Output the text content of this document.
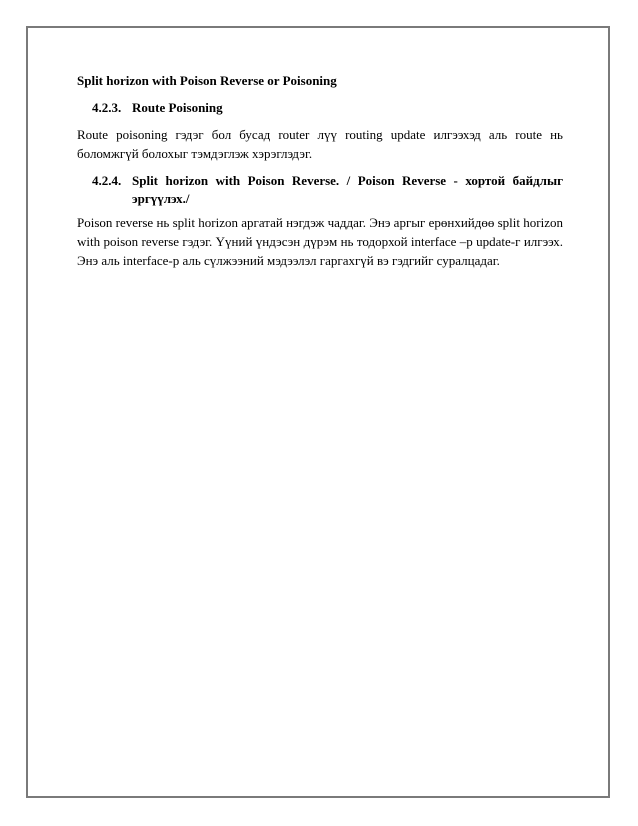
Split horizon with Poison Reverse or Poisoning
4.2.3. Route Poisoning

Route poisoning гэдэг бол бусад router лүү routing update илгээхэд аль route нь боломжгүй болохыг тэмдэглэж хэрэглэдэг.

4.2.4. Split horizon with Poison Reverse. / Poison Reverse - хортой байдлыг
эргүүлэх./

Poison reverse нь split horizon аргатай нэгдэж чаддаг. Энэ аргыг ерөнхийдөө split horizon with poison reverse гэдэг. Үүний үндэсэн дүрэм нь тодорхой interface –р update-г илгээх. Энэ аль interface-р аль сүлжээний мэдээлэл гаргахгүй вэ гэдгийг суралцадаг.
